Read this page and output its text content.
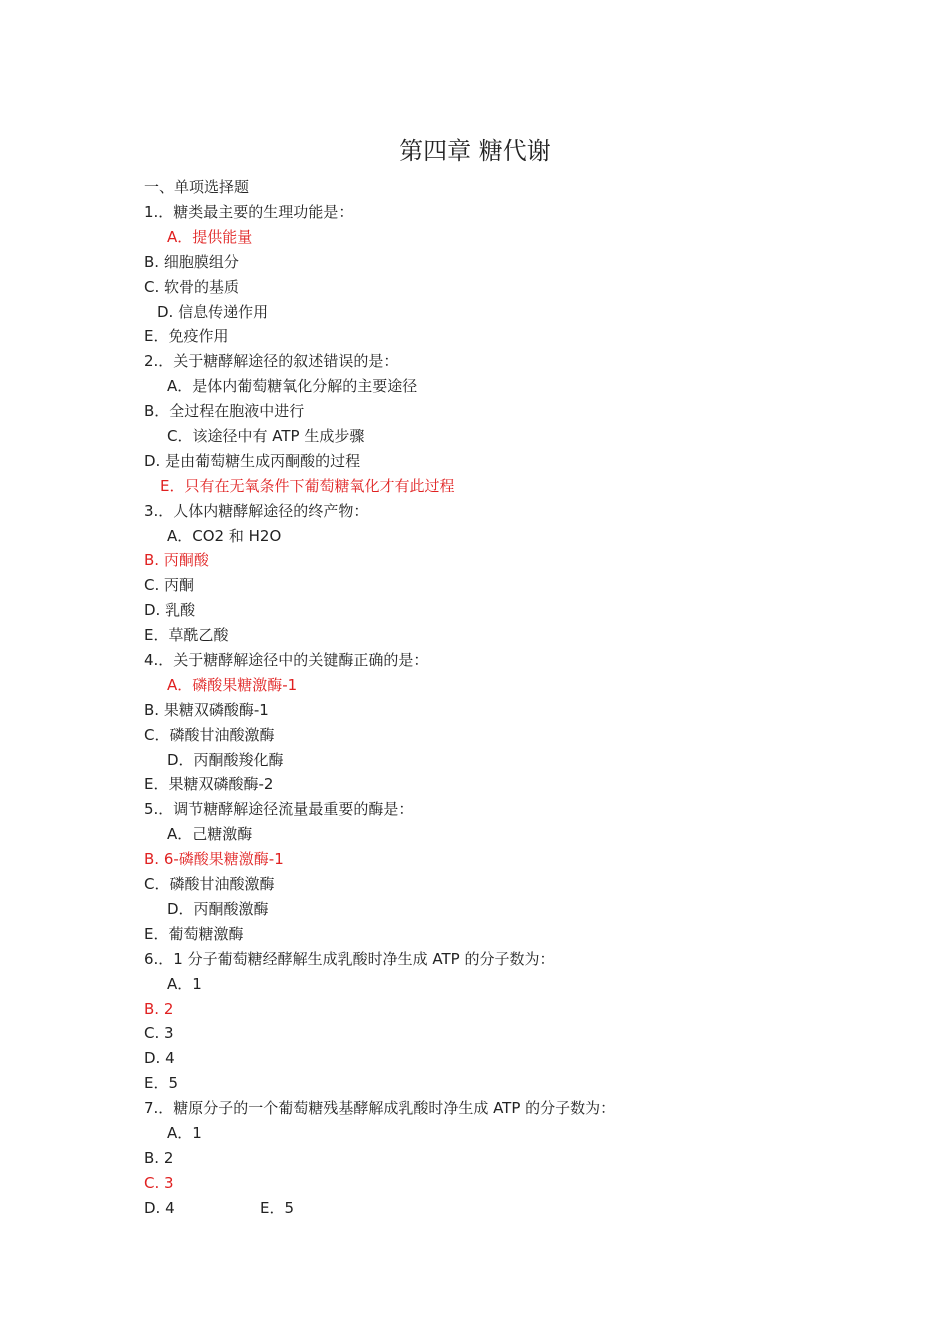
第四章 糖代谢
一、单项选择题
1.．糖类最主要的生理功能是：
A．提供能量
B. 细胞膜组分
C. 软骨的基质
D. 信息传递作用
E．免疫作用
2.．关于糖酵解途径的叙述错误的是：
A．是体内葡萄糖氧化分解的主要途径
B．全过程在胞液中进行
C．该途径中有 ATP 生成步骤
D. 是由葡萄糖生成丙酮酸的过程
E．只有在无氧条件下葡萄糖氧化才有此过程
3.．人体内糖酵解途径的终产物：
A．CO2 和 H2O
B. 丙酮酸
C. 丙酮
D. 乳酸
E．草酰乙酸
4.．关于糖酵解途径中的关键酶正确的是：
A．磷酸果糖激酶-1
B. 果糖双磷酸酶-1
C．磷酸甘油酸激酶
D．丙酮酸羧化酶
E．果糖双磷酸酶-2
5.．调节糖酵解途径流量最重要的酶是：
A．己糖激酶
B. 6-磷酸果糖激酶-1
C．磷酸甘油酸激酶
D．丙酮酸激酶
E．葡萄糖激酶
6.．1 分子葡萄糖经酵解生成乳酸时净生成 ATP 的分子数为：
A．1
B. 2
C. 3
D. 4
E．5
7.．糖原分子的一个葡萄糖残基酵解成乳酸时净生成 ATP 的分子数为：
A．1
B. 2
C. 3
D. 4	E．5
